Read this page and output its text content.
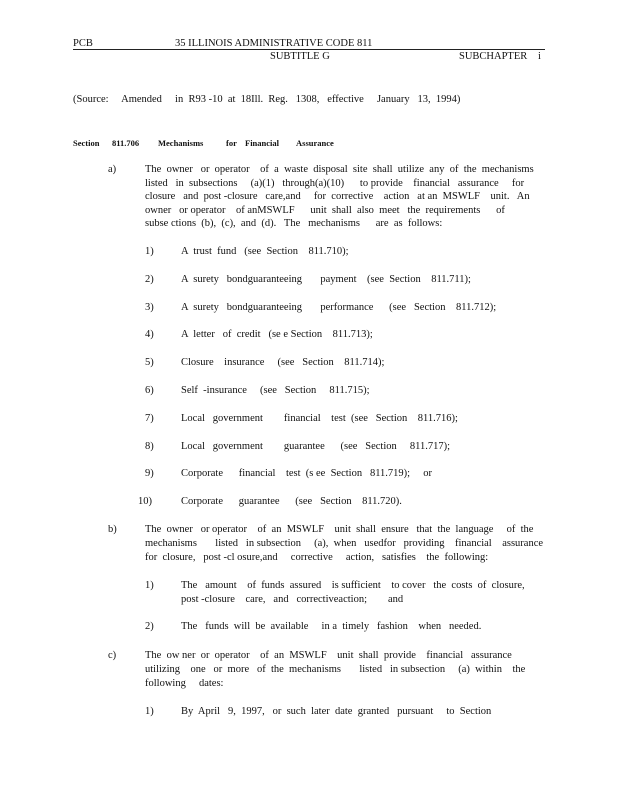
PCB	35 ILLINOIS ADMINISTRATIVE CODE 811
SUBTITLE G	SUBCHAPTER i
(Source:     Amended     in  R93 -10  at  18Ill.  Reg.   1308,   effective     January   13,  1994)
Section 811.706 Mechanisms	for Financial Assurance
a)	The  owner   or  operator    of  a  waste  disposal  site  shall  utilize  any  of  the  mechanisms
listed   in  subsections     (a)(1)   through(a)(10)      to provide    financial   assurance     for
closure   and  post -closure   care,and     for  corrective    action   at an  MSWLF    unit.   An
owner   or operator    of anMSWLF      unit  shall  also  meet   the  requirements      of
subse ctions  (b),  (c),  and  (d).   The   mechanisms      are  as  follows:
1)	A  trust  fund   (see  Section    811.710);
2)	A  surety   bondguaranteeing       payment    (see  Section    811.711);
3)	A  surety   bondguaranteeing       performance      (see   Section    811.712);
4)	A  letter   of  credit   (se e Section    811.713);
5)	Closure    insurance     (see   Section    811.714);
6)	Self  -insurance     (see   Section     811.715);
7)	Local   government        financial    test  (see   Section    811.716);
8)	Local   government        guarantee      (see   Section     811.717);
9)	Corporate      financial    test  (s ee  Section   811.719);     or
10)	Corporate      guarantee      (see   Section    811.720).
b)	The  owner   or operator    of  an  MSWLF    unit  shall  ensure   that  the  language     of  the
mechanisms       listed   in subsection     (a),  when   usedfor   providing    financial    assurance
for  closure,   post -cl osure,and     corrective     action,   satisfies    the  following:
1)	The   amount    of  funds  assured    is sufficient    to cover   the  costs  of  closure,
post -closure    care,   and   correctiveaction;        and
2)	The   funds  will  be  available     in a  timely   fashion    when   needed.
c)	The  ow ner  or  operator    of  an  MSWLF    unit  shall  provide    financial   assurance
utilizing    one   or  more   of  the  mechanisms       listed   in subsection     (a)  within    the
following     dates:
1)	By  April   9,  1997,   or  such  later  date  granted   pursuant     to  Section
